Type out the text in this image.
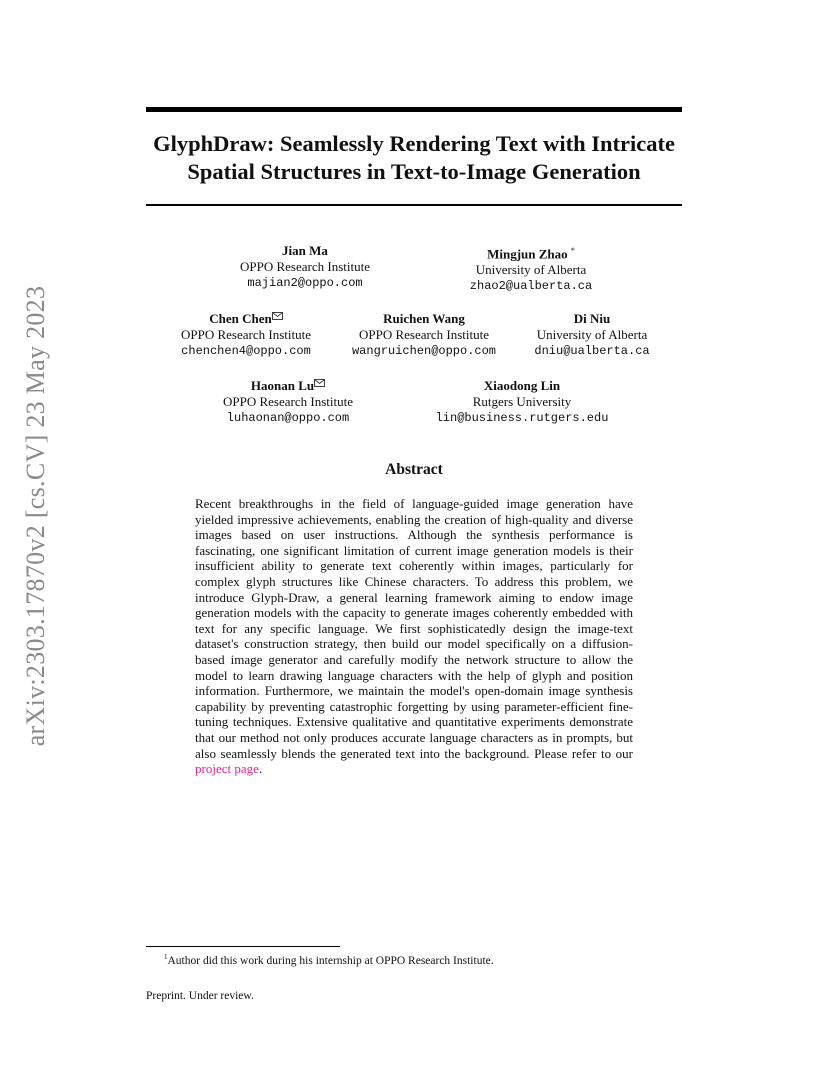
arXiv:2303.17870v2 [cs.CV] 23 May 2023
GlyphDraw: Seamlessly Rendering Text with Intricate
Spatial Structures in Text-to-Image Generation
Jian Ma
OPPO Research Institute
majian2@oppo.com
Mingjun Zhao *
University of Alberta
zhao2@ualberta.ca
Chen Chen
OPPO Research Institute
chenchen4@oppo.com
Ruichen Wang
OPPO Research Institute
wangruichen@oppo.com
Di Niu
University of Alberta
dniu@ualberta.ca
Haonan Lu
OPPO Research Institute
luhaonan@oppo.com
Xiaodong Lin
Rutgers University
lin@business.rutgers.edu
Abstract

Recent breakthroughs in the field of language-guided image generation have yielded impressive achievements, enabling the creation of high-quality and diverse images based on user instructions. Although the synthesis performance is fascinating, one significant limitation of current image generation models is their insufficient ability to generate text coherently within images, particularly for complex glyph structures like Chinese characters. To address this problem, we introduce Glyph-Draw, a general learning framework aiming to endow image generation models with the capacity to generate images coherently embedded with text for any specific language. We first sophisticatedly design the image-text dataset's construction strategy, then build our model specifically on a diffusion-based image generator and carefully modify the network structure to allow the model to learn drawing language characters with the help of glyph and position information. Furthermore, we maintain the model's open-domain image synthesis capability by preventing catastrophic forgetting by using parameter-efficient fine-tuning techniques. Extensive qualitative and quantitative experiments demonstrate that our method not only produces accurate language characters as in prompts, but also seamlessly blends the generated text into the background. Please refer to our project page.

$^1$Author did this work during his internship at OPPO Research Institute.

Preprint. Under review.
